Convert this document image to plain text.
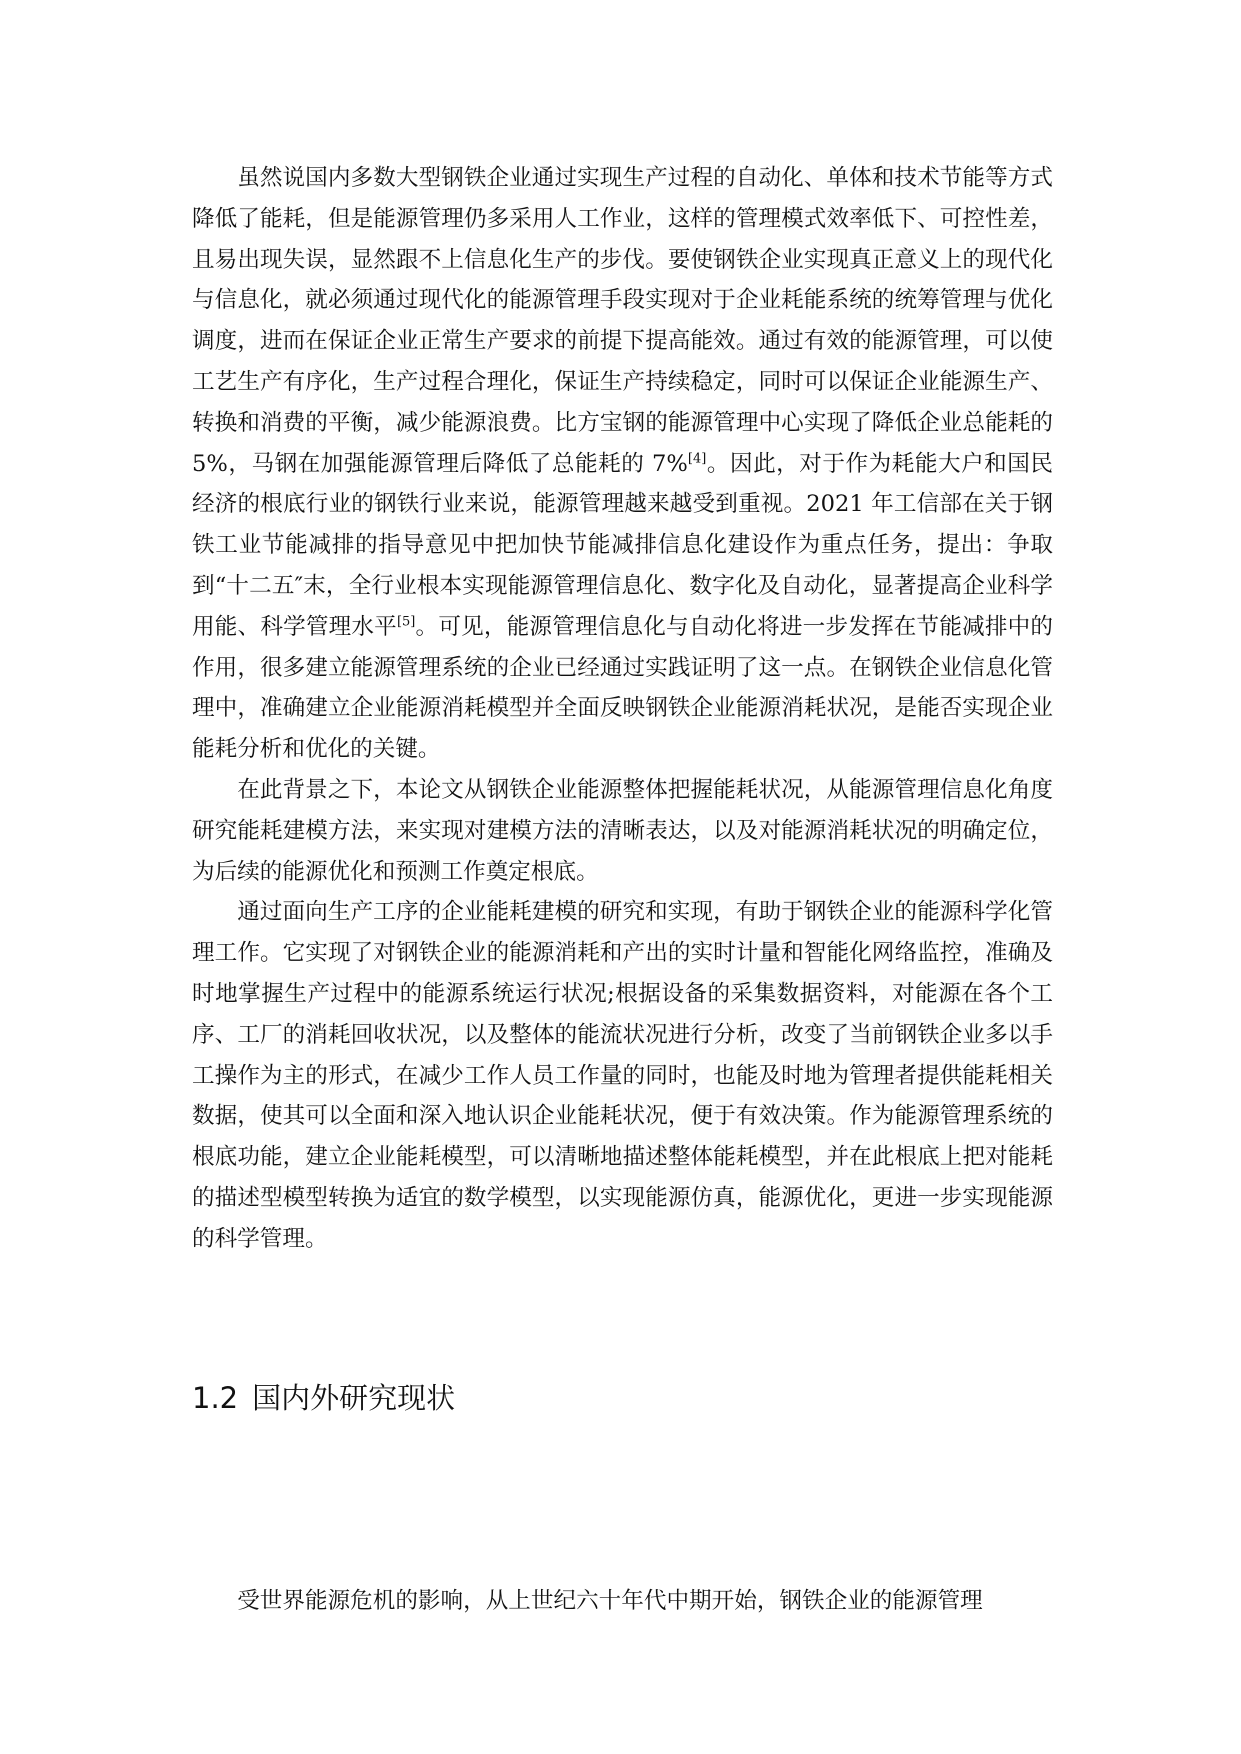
虽然说国内多数大型钢铁企业通过实现生产过程的自动化、单体和技术节能等方式降低了能耗，但是能源管理仍多采用人工作业，这样的管理模式效率低下、可控性差，且易出现失误，显然跟不上信息化生产的步伐。要使钢铁企业实现真正意义上的现代化与信息化，就必须通过现代化的能源管理手段实现对于企业耗能系统的统筹管理与优化调度，进而在保证企业正常生产要求的前提下提高能效。通过有效的能源管理，可以使工艺生产有序化，生产过程合理化，保证生产持续稳定，同时可以保证企业能源生产、转换和消费的平衡，减少能源浪费。比方宝钢的能源管理中心实现了降低企业总能耗的 5%，马钢在加强能源管理后降低了总能耗的 7%[4]。因此，对于作为耗能大户和国民经济的根底行业的钢铁行业来说，能源管理越来越受到重视。2021 年工信部在关于钢铁工业节能减排的指导意见中把加快节能减排信息化建设作为重点任务，提出：争取到“十二五″末，全行业根本实现能源管理信息化、数字化及自动化，显著提高企业科学用能、科学管理水平[5]。可见，能源管理信息化与自动化将进一步发挥在节能减排中的作用，很多建立能源管理系统的企业已经通过实践证明了这一点。在钢铁企业信息化管理中，准确建立企业能源消耗模型并全面反映钢铁企业能源消耗状况，是能否实现企业能耗分析和优化的关键。

在此背景之下，本论文从钢铁企业能源整体把握能耗状况，从能源管理信息化角度研究能耗建模方法，来实现对建模方法的清晰表达，以及对能源消耗状况的明确定位，为后续的能源优化和预测工作奠定根底。

通过面向生产工序的企业能耗建模的研究和实现，有助于钢铁企业的能源科学化管理工作。它实现了对钢铁企业的能源消耗和产出的实时计量和智能化网络监控，准确及时地掌握生产过程中的能源系统运行状况;根据设备的采集数据资料，对能源在各个工序、工厂的消耗回收状况，以及整体的能流状况进行分析，改变了当前钢铁企业多以手工操作为主的形式，在减少工作人员工作量的同时，也能及时地为管理者提供能耗相关数据，使其可以全面和深入地认识企业能耗状况，便于有效决策。作为能源管理系统的根底功能，建立企业能耗模型，可以清晰地描述整体能耗模型，并在此根底上把对能耗的描述型模型转换为适宜的数学模型，以实现能源仿真，能源优化，更进一步实现能源的科学管理。

1.2 国内外研究现状

受世界能源危机的影响，从上世纪六十年代中期开始，钢铁企业的能源管理
